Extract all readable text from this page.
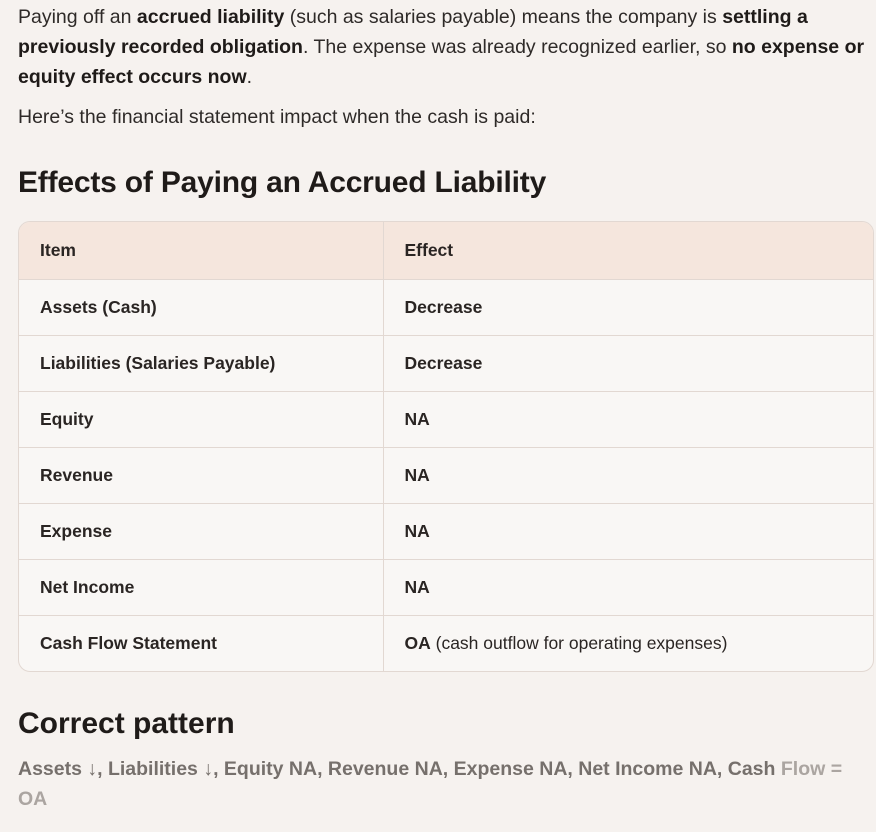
Paying off an accrued liability (such as salaries payable) means the company is settling a previously recorded obligation. The expense was already recognized earlier, so no expense or equity effect occurs now.

Here’s the financial statement impact when the cash is paid:

Effects of Paying an Accrued Liability
Item	Effect
Assets (Cash)	Decrease
Liabilities (Salaries Payable)	Decrease
Equity	NA
Revenue	NA
Expense	NA
Net Income	NA
Cash Flow Statement	OA (cash outflow for operating expenses)
Correct pattern

Assets ↓, Liabilities ↓, Equity NA, Revenue NA, Expense NA, Net Income NA, Cash Flow = OA
